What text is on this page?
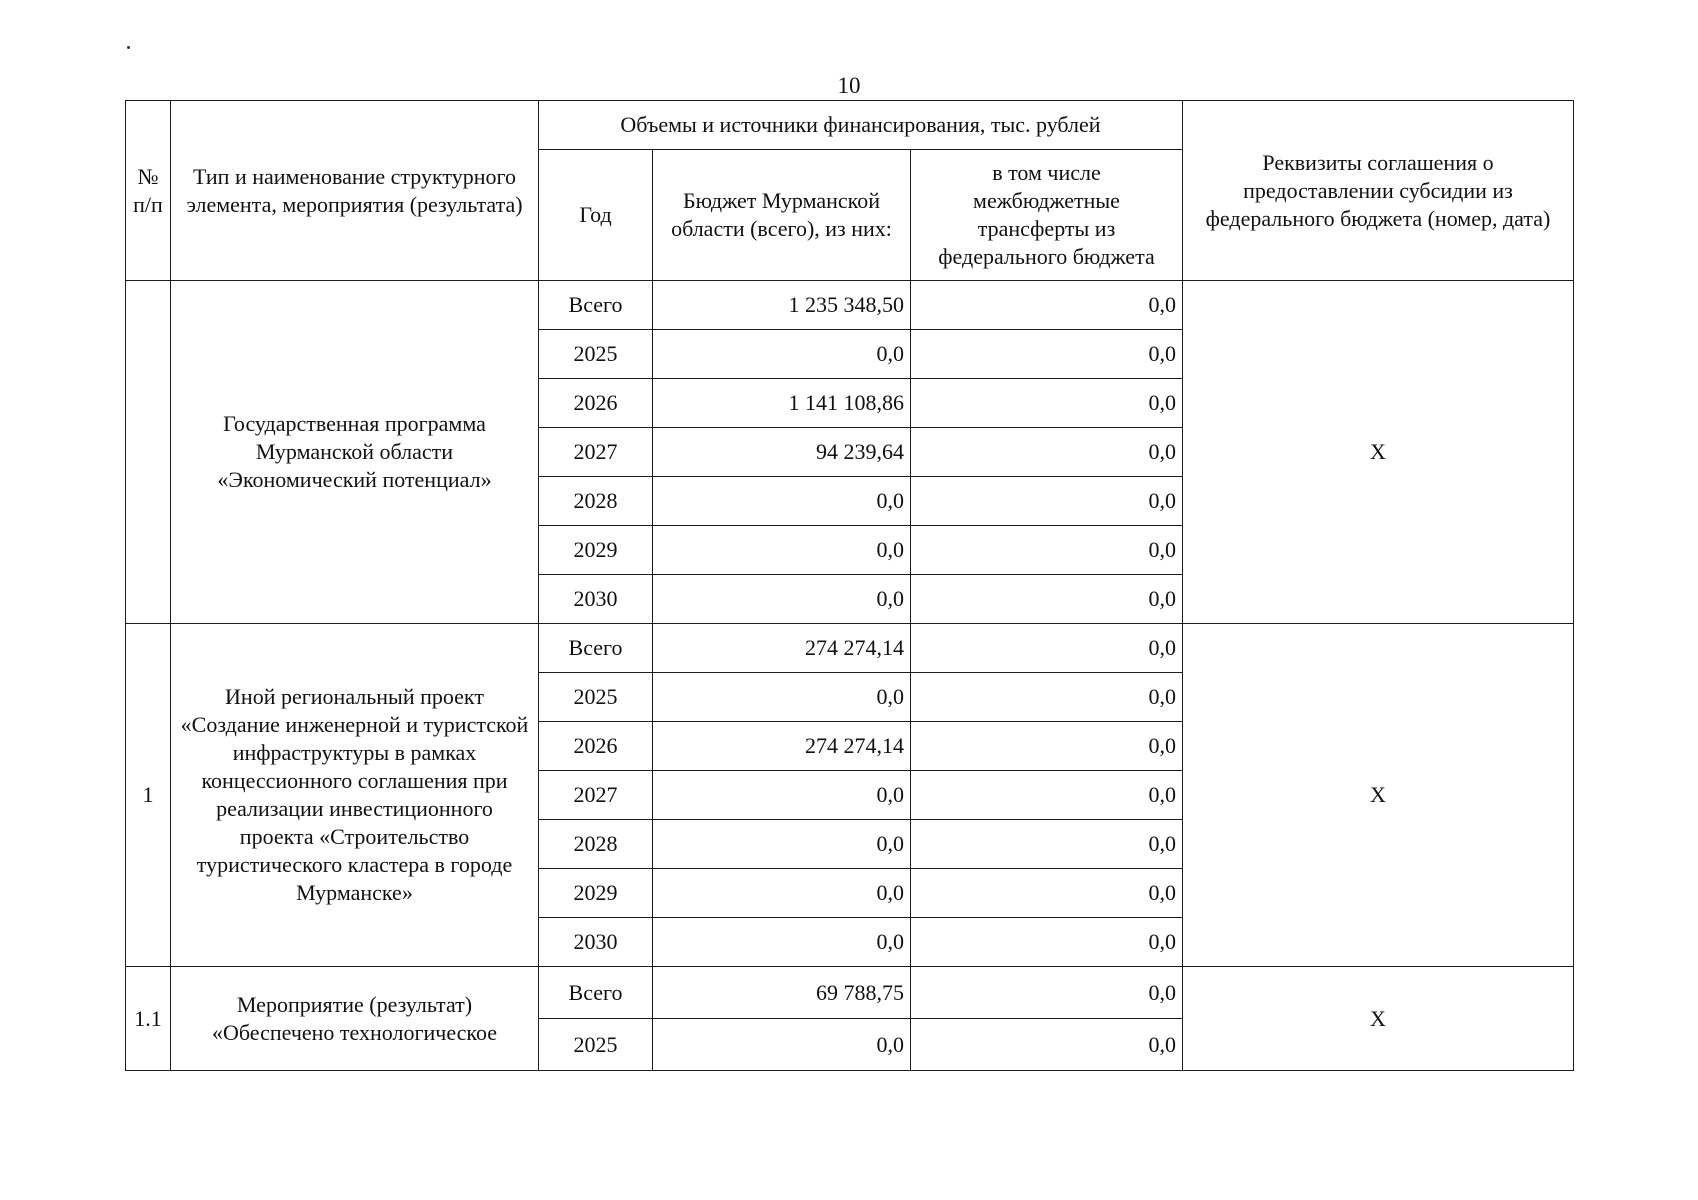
10
№ п/п	Тип и наименование структурного элемента, мероприятия (результата)	Объемы и источники финансирования, тыс. рублей			Реквизиты соглашения о предоставлении субсидии из федерального бюджета (номер, дата)
		Год	Бюджет Мурманской области (всего), из них:	в том числе межбюджетные трансферты из федерального бюджета	
	Государственная программа Мурманской области «Экономический потенциал»	Всего	1 235 348,50	0,0	Х
		2025	0,0	0,0	
		2026	1 141 108,86	0,0	
		2027	94 239,64	0,0	
		2028	0,0	0,0	
		2029	0,0	0,0	
		2030	0,0	0,0	
1	Иной региональный проект «Создание инженерной и туристской инфраструктуры в рамках концессионного соглашения при реализации инвестиционного проекта «Строительство туристического кластера в городе Мурманске»	Всего	274 274,14	0,0	Х
		2025	0,0	0,0	
		2026	274 274,14	0,0	
		2027	0,0	0,0	
		2028	0,0	0,0	
		2029	0,0	0,0	
		2030	0,0	0,0	
1.1	Мероприятие (результат) «Обеспечено технологическое	Всего	69 788,75	0,0	Х
		2025	0,0	0,0	
